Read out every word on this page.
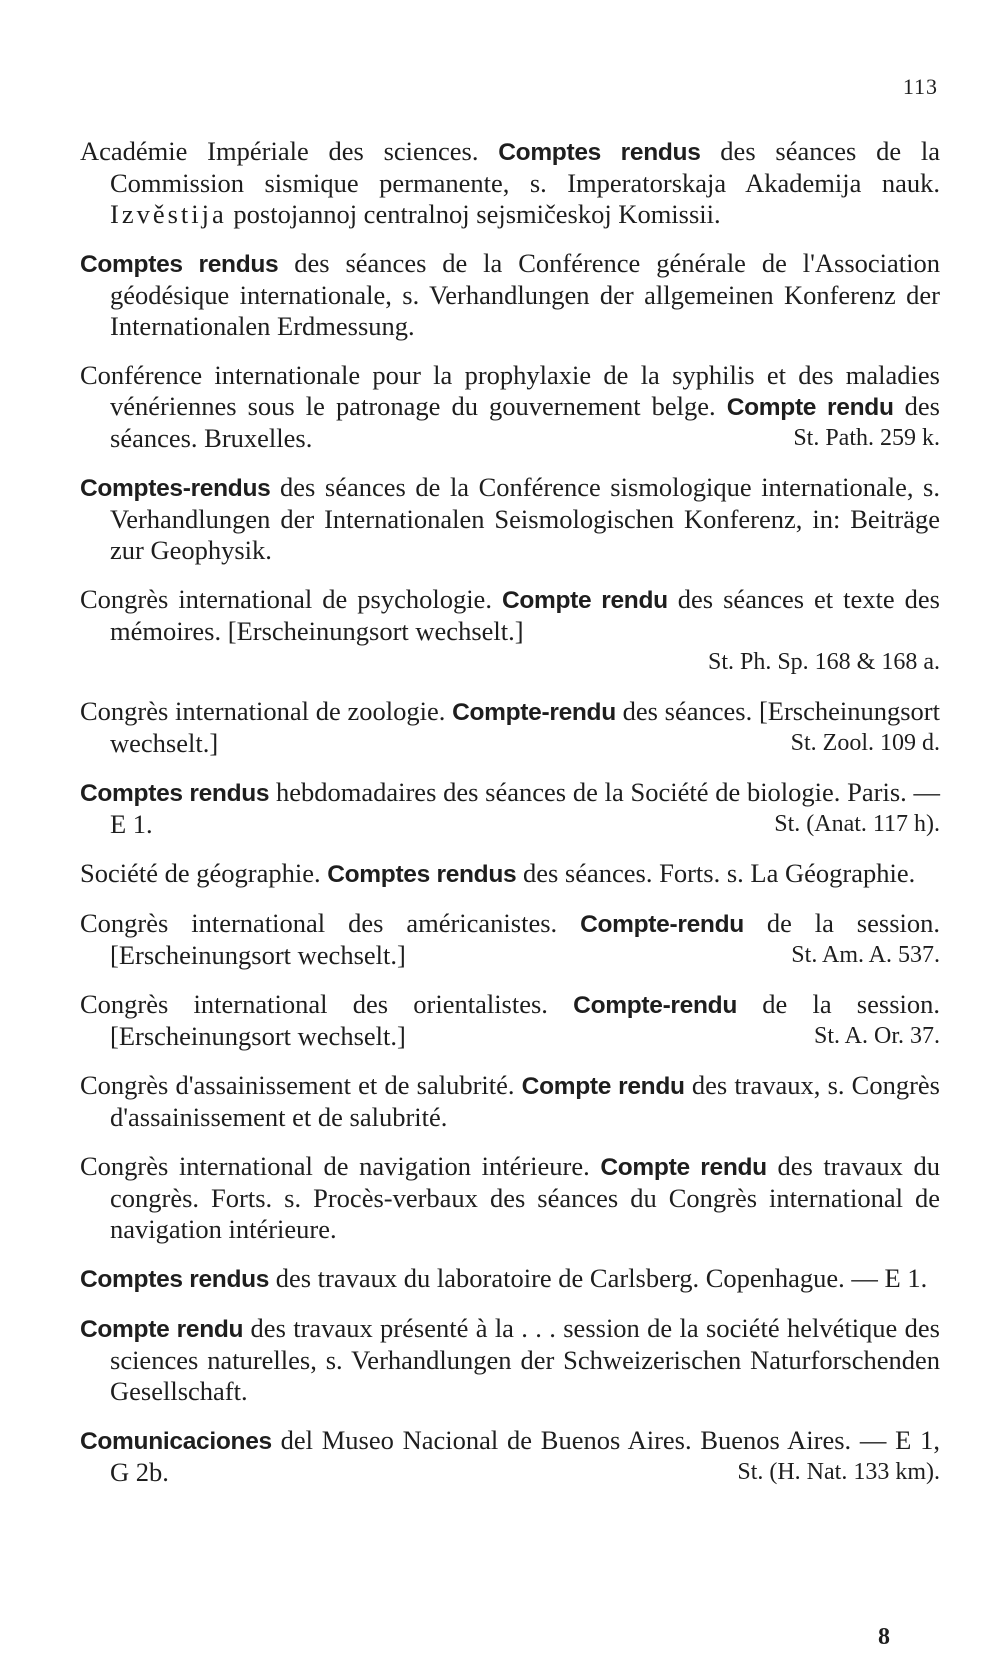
113
Académie Impériale des sciences. Comptes rendus des séances de la Commission sismique permanente, s. Imperatorskaja Akademija nauk. Izvěstija postojannoj centralnoj sejsmičeskoj Komissii.
Comptes rendus des séances de la Conférence générale de l'Association géodésique internationale, s. Verhandlungen der allgemeinen Konferenz der Internationalen Erdmessung.
Conférence internationale pour la prophylaxie de la syphilis et des maladies vénériennes sous le patronage du gouvernement belge. Compte rendu des séances. Bruxelles.	St. Path. 259 k.
Comptes-rendus des séances de la Conférence sismologique internationale, s. Verhandlungen der Internationalen Seismologischen Konferenz, in: Beiträge zur Geophysik.
Congrès international de psychologie. Compte rendu des séances et texte des mémoires. [Erscheinungsort wechselt.]
St. Ph. Sp. 168 & 168 a.
Congrès international de zoologie. Compte-rendu des séances. [Erscheinungsort wechselt.]	St. Zool. 109 d.
Comptes rendus hebdomadaires des séances de la Société de biologie. Paris. — E 1.	St. (Anat. 117 h).
Société de géographie. Comptes rendus des séances. Forts. s. La Géographie.
Congrès international des américanistes. Compte-rendu de la session. [Erscheinungsort wechselt.]	St. Am. A. 537.
Congrès international des orientalistes. Compte-rendu de la session. [Erscheinungsort wechselt.]	St. A. Or. 37.
Congrès d'assainissement et de salubrité. Compte rendu des travaux, s. Congrès d'assainissement et de salubrité.
Congrès international de navigation intérieure. Compte rendu des travaux du congrès. Forts. s. Procès-verbaux des séances du Congrès international de navigation intérieure.
Comptes rendus des travaux du laboratoire de Carlsberg. Copenhague. — E 1.
Compte rendu des travaux présenté à la . . . session de la société helvétique des sciences naturelles, s. Verhandlungen der Schweizerischen Naturforschenden Gesellschaft.
Comunicaciones del Museo Nacional de Buenos Aires. Buenos Aires. — E 1, G 2b.	St. (H. Nat. 133 km).
8
